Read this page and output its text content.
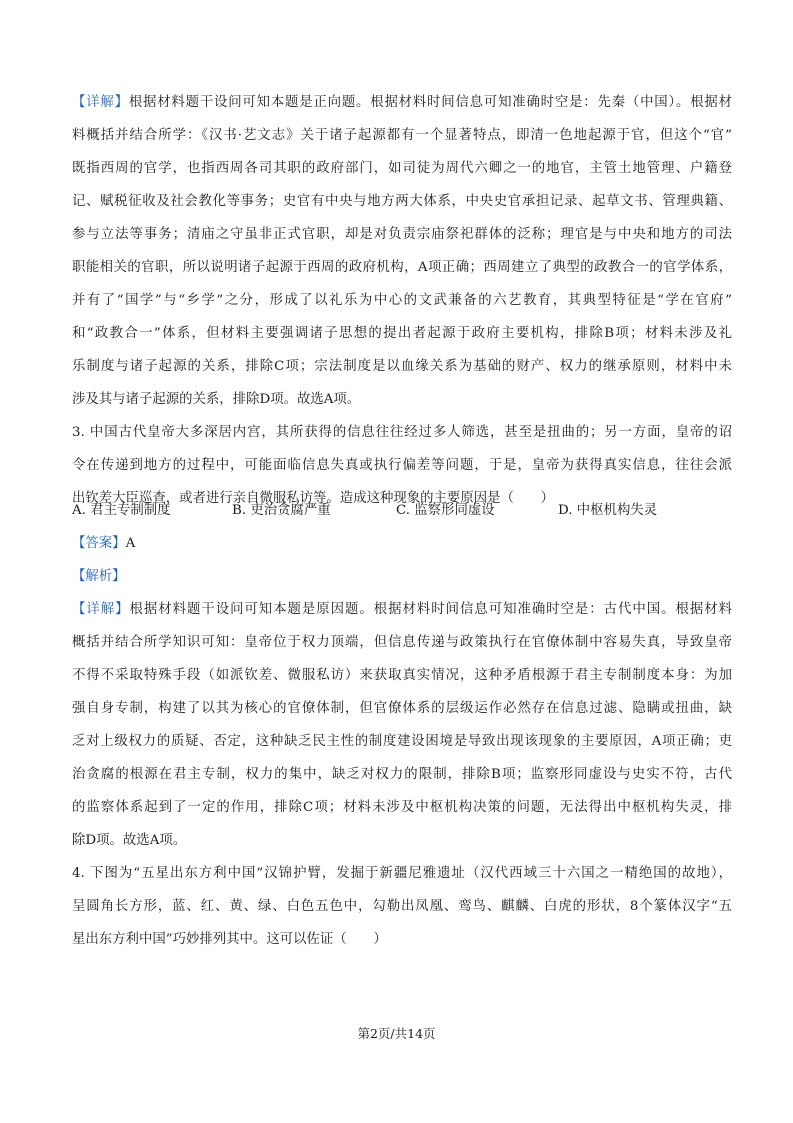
【详解】根据材料题干设问可知本题是正向题。根据材料时间信息可知准确时空是：先秦（中国）。根据材
料概括并结合所学：《汉书·艺文志》关于诸子起源都有一个显著特点，即清一色地起源于官，但这个“官”
既指西周的官学，也指西周各司其职的政府部门，如司徒为周代六卿之一的地官，主管土地管理、户籍登
记、赋税征收及社会教化等事务；史官有中央与地方两大体系，中央史官承担记录、起草文书、管理典籍、
参与立法等事务；清庙之守虽非正式官职，却是对负责宗庙祭祀群体的泛称；理官是与中央和地方的司法
职能相关的官职，所以说明诸子起源于西周的政府机构，A项正确；西周建立了典型的政教合一的官学体系，
并有了“国学”与“乡学”之分，形成了以礼乐为中心的文武兼备的六艺教育，其典型特征是“学在官府”
和“政教合一”体系，但材料主要强调诸子思想的提出者起源于政府主要机构，排除B项；材料未涉及礼
乐制度与诸子起源的关系，排除C项；宗法制度是以血缘关系为基础的财产、权力的继承原则，材料中未
涉及其与诸子起源的关系，排除D项。故选A项。
3. 中国古代皇帝大多深居内宫，其所获得的信息往往经过多人筛选，甚至是扭曲的；另一方面，皇帝的诏
令在传递到地方的过程中，可能面临信息失真或执行偏差等问题，于是，皇帝为获得真实信息，往往会派
出钦差大臣巡查，或者进行亲自微服私访等。造成这种现象的主要原因是（　　）
A. 君主专制制度	B. 吏治贪腐严重	C. 监察形同虚设	D. 中枢机构失灵
【答案】A
【解析】
【详解】根据材料题干设问可知本题是原因题。根据材料时间信息可知准确时空是：古代中国。根据材料
概括并结合所学知识可知：皇帝位于权力顶端，但信息传递与政策执行在官僚体制中容易失真，导致皇帝
不得不采取特殊手段（如派钦差、微服私访）来获取真实情况，这种矛盾根源于君主专制制度本身：为加
强自身专制，构建了以其为核心的官僚体制，但官僚体系的层级运作必然存在信息过滤、隐瞒或扭曲，缺
乏对上级权力的质疑、否定，这种缺乏民主性的制度建设困境是导致出现该现象的主要原因，A项正确；吏
治贪腐的根源在君主专制，权力的集中，缺乏对权力的限制，排除B项；监察形同虚设与史实不符，古代
的监察体系起到了一定的作用，排除C项；材料未涉及中枢机构决策的问题，无法得出中枢机构失灵，排
除D项。故选A项。
4. 下图为“五星出东方利中国”汉锦护臂，发掘于新疆尼雅遗址（汉代西域三十六国之一精绝国的故地），
呈圆角长方形，蓝、红、黄、绿、白色五色中，勾勒出凤凰、鸾鸟、麒麟、白虎的形状，8个篆体汉字“五
星出东方利中国”巧妙排列其中。这可以佐证（　　）
第2页/共14页
